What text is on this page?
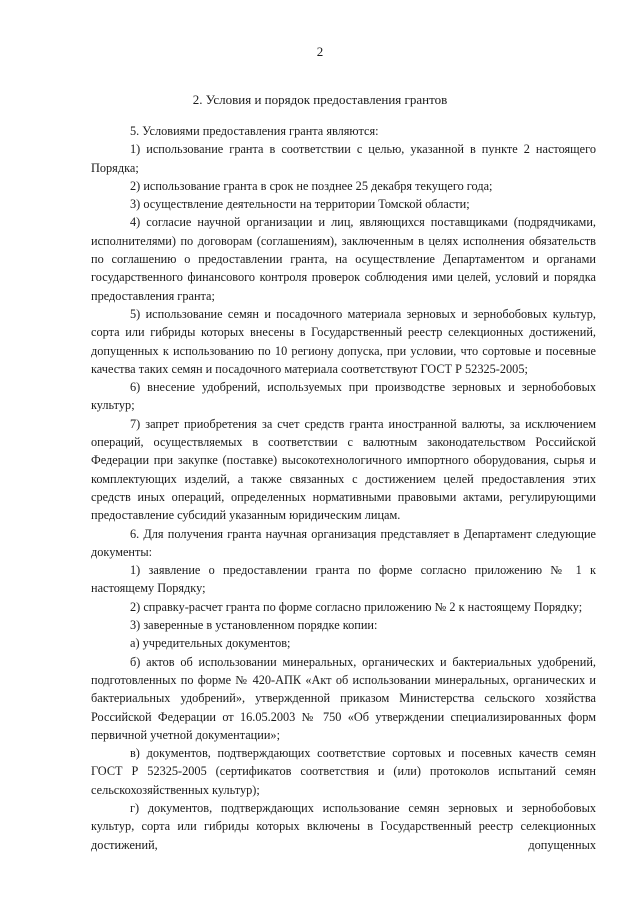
2
2. Условия и порядок предоставления грантов

5. Условиями предоставления гранта являются:

1) использование гранта в соответствии с целью, указанной в пункте 2 настоящего Порядка;

2) использование гранта в срок не позднее 25 декабря текущего года;

3) осуществление деятельности на территории Томской области;

4) согласие научной организации и лиц, являющихся поставщиками (подрядчиками, исполнителями) по договорам (соглашениям), заключенным в целях исполнения обязательств по соглашению о предоставлении гранта, на осуществление Департаментом и органами государственного финансового контроля проверок соблюдения ими целей, условий и порядка предоставления гранта;

5) использование семян и посадочного материала зерновых и зернобобовых культур, сорта или гибриды которых внесены в Государственный реестр селекционных достижений, допущенных к использованию по 10 региону допуска, при условии, что сортовые и посевные качества таких семян и посадочного материала соответствуют ГОСТ Р 52325-2005;

6) внесение удобрений, используемых при производстве зерновых и зернобобовых культур;

7) запрет приобретения за счет средств гранта иностранной валюты, за исключением операций, осуществляемых в соответствии с валютным законодательством Российской Федерации при закупке (поставке) высокотехнологичного импортного оборудования, сырья и комплектующих изделий, а также связанных с достижением целей предоставления этих средств иных операций, определенных нормативными правовыми актами, регулирующими предоставление субсидий указанным юридическим лицам.

6. Для получения гранта научная организация представляет в Департамент следующие документы:

1) заявление о предоставлении гранта по форме согласно приложению № 1 к настоящему Порядку;

2) справку-расчет гранта по форме согласно приложению № 2 к настоящему Порядку;

3) заверенные в установленном порядке копии:

а) учредительных документов;

б) актов об использовании минеральных, органических и бактериальных удобрений, подготовленных по форме № 420-АПК «Акт об использовании минеральных, органических и бактериальных удобрений», утвержденной приказом Министерства сельского хозяйства Российской Федерации от 16.05.2003 № 750 «Об утверждении специализированных форм первичной учетной документации»;

в) документов, подтверждающих соответствие сортовых и посевных качеств семян ГОСТ Р 52325-2005 (сертификатов соответствия и (или) протоколов испытаний семян сельскохозяйственных культур);

г) документов, подтверждающих использование семян зерновых и зернобобовых культур, сорта или гибриды которых включены в Государственный реестр селекционных достижений, допущенных
